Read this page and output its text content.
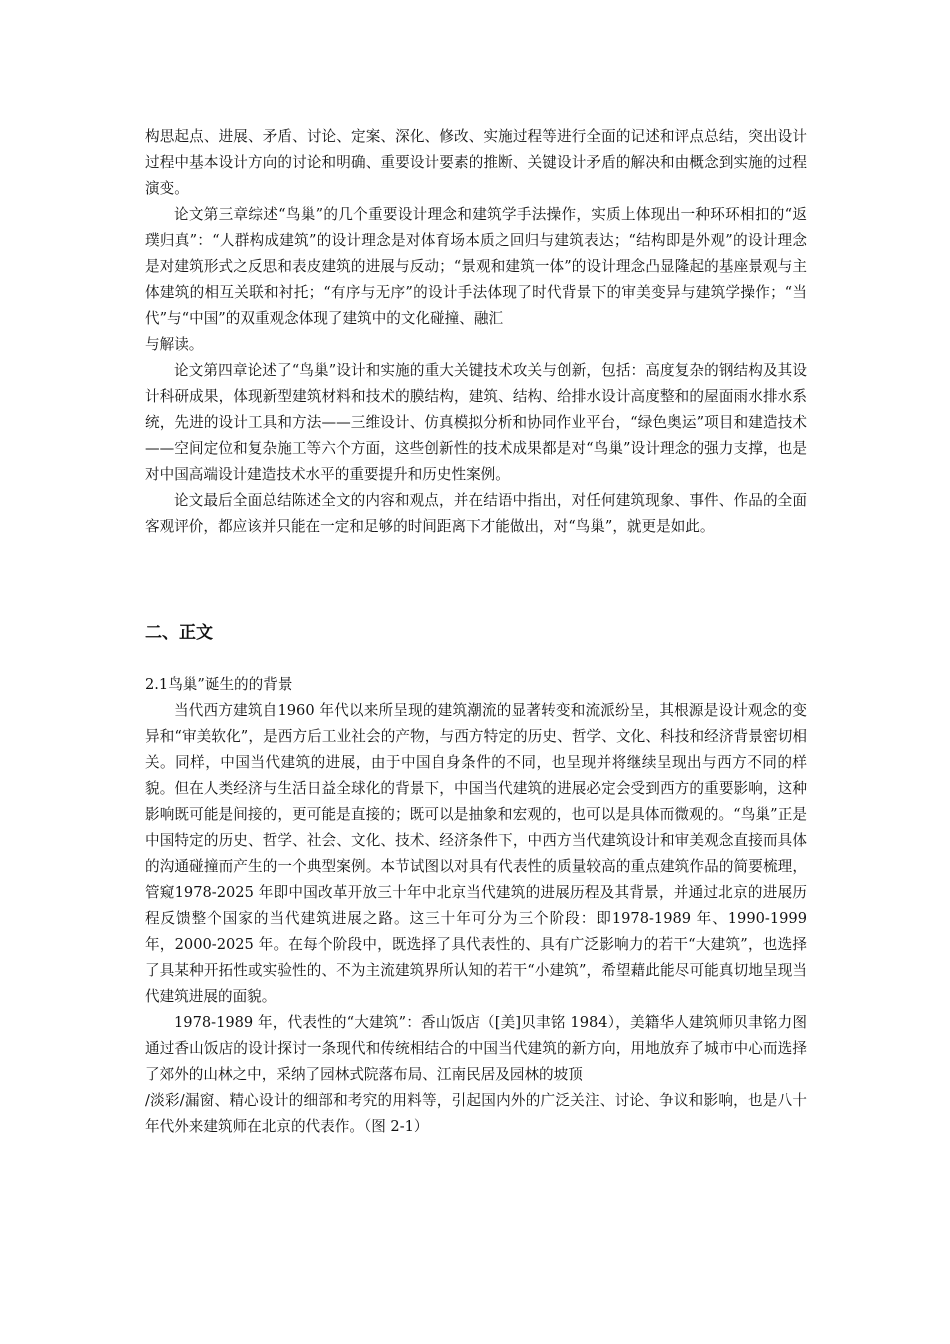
构思起点、进展、矛盾、讨论、定案、深化、修改、实施过程等进行全面的记述和评点总结，突出设计过程中基本设计方向的讨论和明确、重要设计要素的推断、关键设计矛盾的解决和由概念到实施的过程演变。

论文第三章综述“鸟巢”的几个重要设计理念和建筑学手法操作，实质上体现出一种环环相扣的“返璞归真”：“人群构成建筑”的设计理念是对体育场本质之回归与建筑表达；“结构即是外观”的设计理念是对建筑形式之反思和表皮建筑的进展与反动；“景观和建筑一体”的设计理念凸显隆起的基座景观与主体建筑的相互关联和衬托；“有序与无序”的设计手法体现了时代背景下的审美变异与建筑学操作；“当代”与“中国”的双重观念体现了建筑中的文化碰撞、融汇

与解读。

论文第四章论述了“鸟巢”设计和实施的重大关键技术攻关与创新，包括：高度复杂的钢结构及其设计科研成果，体现新型建筑材料和技术的膜结构，建筑、结构、给排水设计高度整和的屋面雨水排水系统，先进的设计工具和方法——三维设计、仿真模拟分析和协同作业平台，“绿色奥运”项目和建造技术——空间定位和复杂施工等六个方面，这些创新性的技术成果都是对“鸟巢”设计理念的强力支撑，也是对中国高端设计建造技术水平的重要提升和历史性案例。

论文最后全面总结陈述全文的内容和观点，并在结语中指出，对任何建筑现象、事件、作品的全面客观评价，都应该并只能在一定和足够的时间距离下才能做出，对“鸟巢”，就更是如此。

二、正文

2.1鸟巢”诞生的的背景

当代西方建筑自1960 年代以来所呈现的建筑潮流的显著转变和流派纷呈，其根源是设计观念的变异和“审美软化”，是西方后工业社会的产物，与西方特定的历史、哲学、文化、科技和经济背景密切相关。同样，中国当代建筑的进展，由于中国自身条件的不同，也呈现并将继续呈现出与西方不同的样貌。但在人类经济与生活日益全球化的背景下，中国当代建筑的进展必定会受到西方的重要影响，这种影响既可能是间接的，更可能是直接的；既可以是抽象和宏观的，也可以是具体而微观的。“鸟巢”正是中国特定的历史、哲学、社会、文化、技术、经济条件下，中西方当代建筑设计和审美观念直接而具体的沟通碰撞而产生的一个典型案例。本节试图以对具有代表性的质量较高的重点建筑作品的简要梳理，管窥1978-2025 年即中国改革开放三十年中北京当代建筑的进展历程及其背景，并通过北京的进展历程反馈整个国家的当代建筑进展之路。这三十年可分为三个阶段：即1978-1989 年、1990-1999 年，2000-2025 年。在每个阶段中，既选择了具代表性的、具有广泛影响力的若干“大建筑”，也选择了具某种开拓性或实验性的、不为主流建筑界所认知的若干“小建筑”，希望藉此能尽可能真切地呈现当代建筑进展的面貌。

1978-1989 年，代表性的“大建筑”：香山饭店（[美]贝聿铭 1984），美籍华人建筑师贝聿铭力图通过香山饭店的设计探讨一条现代和传统相结合的中国当代建筑的新方向，用地放弃了城市中心而选择了郊外的山林之中，采纳了园林式院落布局、江南民居及园林的坡顶

/淡彩/漏窗、精心设计的细部和考究的用料等，引起国内外的广泛关注、讨论、争议和影响，也是八十年代外来建筑师在北京的代表作。（图 2-1）
